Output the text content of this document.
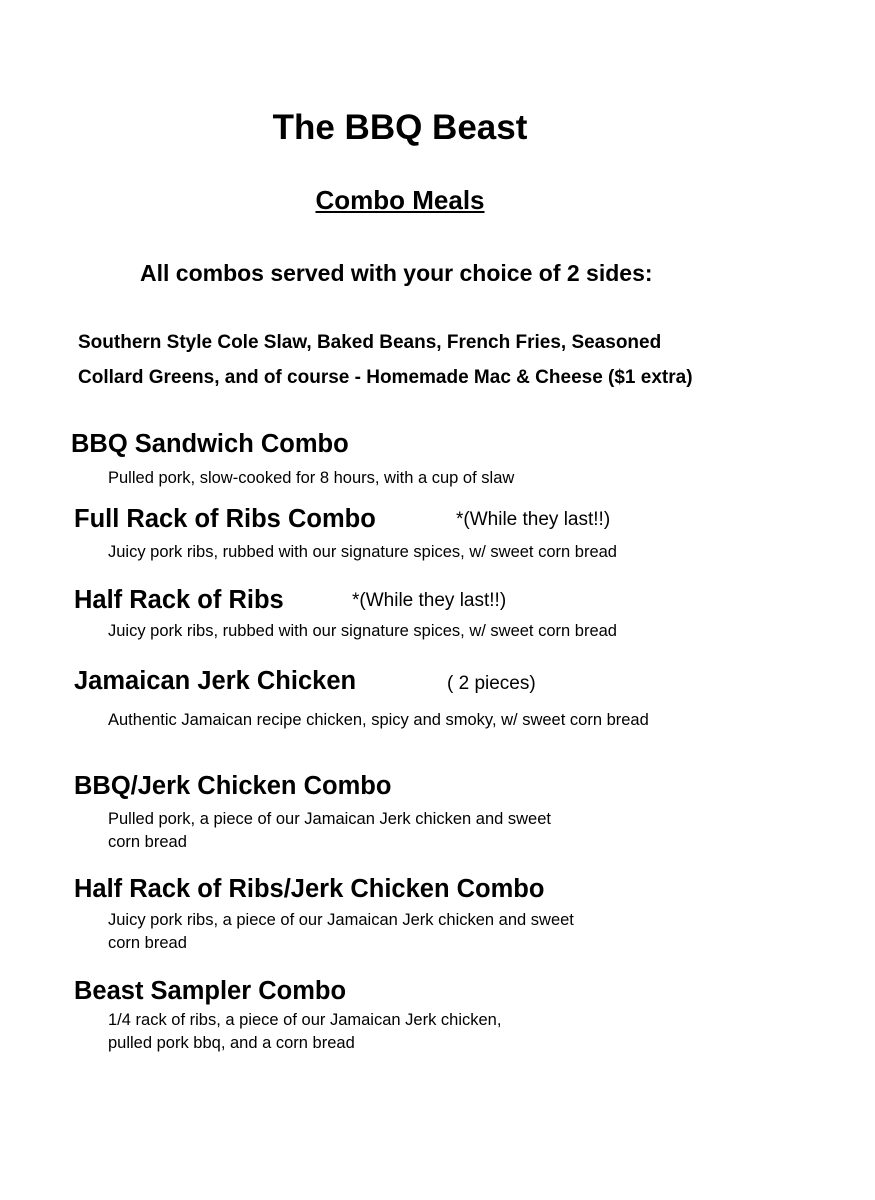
The BBQ Beast
Combo Meals
All combos served with your choice of 2 sides:
Southern Style Cole Slaw, Baked Beans, French Fries, Seasoned
Collard Greens, and of course - Homemade Mac & Cheese ($1 extra)
BBQ Sandwich Combo
Pulled pork, slow-cooked for 8 hours, with a cup of slaw
Full Rack of Ribs Combo	*(While they last!!)
Juicy pork ribs, rubbed with our signature spices, w/ sweet corn bread
Half Rack of Ribs	*(While they last!!)
Juicy pork ribs, rubbed with our signature spices, w/ sweet corn bread
Jamaican Jerk Chicken	( 2 pieces)
Authentic Jamaican recipe chicken, spicy and smoky, w/ sweet corn bread
BBQ/Jerk Chicken Combo
Pulled pork, a piece of our Jamaican Jerk chicken and sweet
corn bread
Half Rack of Ribs/Jerk Chicken Combo
Juicy pork ribs, a piece of our Jamaican Jerk chicken and sweet
corn bread
Beast Sampler Combo
1/4 rack of ribs, a piece of our Jamaican Jerk chicken,
pulled pork bbq, and a corn bread
